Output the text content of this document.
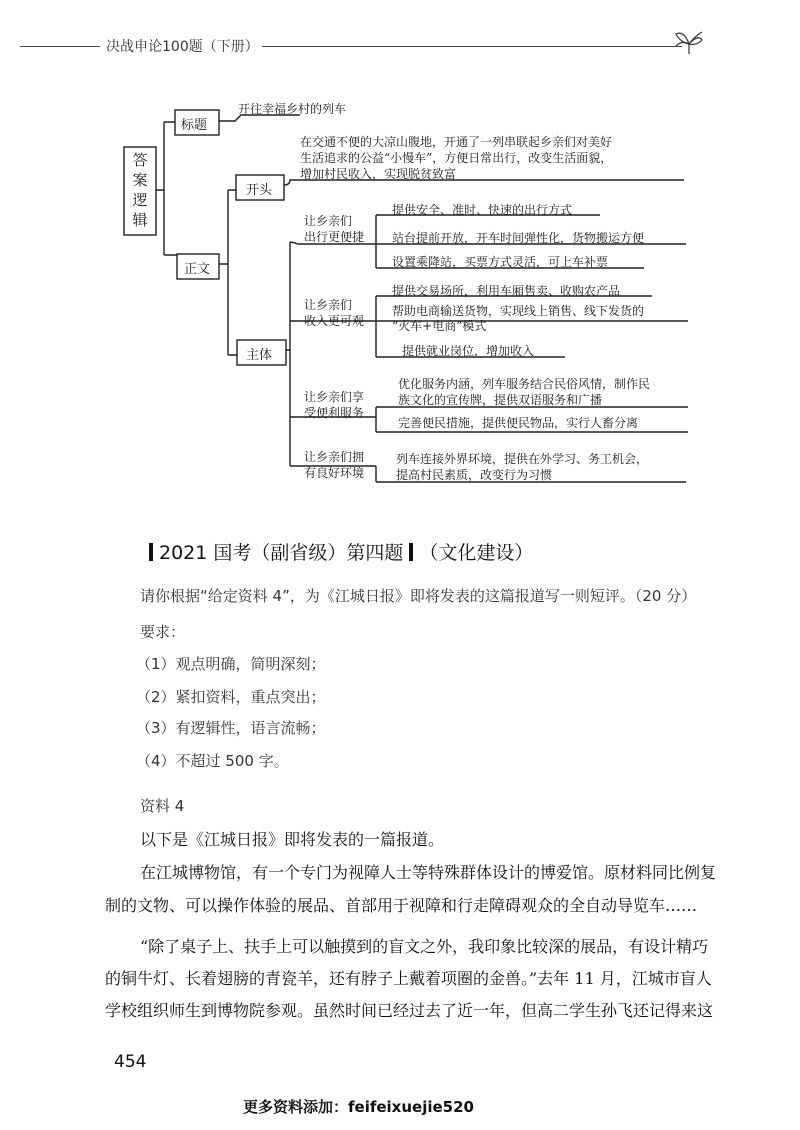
决战申论100题（下册）
答案逻辑
标题
开往幸福乡村的列车
正文
开头
在交通不便的大凉山腹地，开通了一列串联起乡亲们对美好
生活追求的公益“小慢车”，方便日常出行，改变生活面貌，
增加村民收入，实现脱贫致富
主体
让乡亲们
出行更便捷
提供安全、准时、快速的出行方式
站台提前开放，开车时间弹性化，货物搬运方便
设置乘降站，买票方式灵活，可上车补票
让乡亲们
收入更可观
提供交易场所，利用车厢售卖、收购农产品
帮助电商输送货物，实现线上销售、线下发货的
“火车+电商”模式
提供就业岗位，增加收入
让乡亲们享
受便利服务
优化服务内涵，列车服务结合民俗风情，制作民
族文化的宣传牌，提供双语服务和广播
完善便民措施，提供便民物品，实行人畜分离
让乡亲们拥
有良好环境
列车连接外界环境，提供在外学习、务工机会，
提高村民素质，改变行为习惯
2021 国考（副省级）第四题 （文化建设）
请你根据“给定资料 4”，为《江城日报》即将发表的这篇报道写一则短评。（20 分）
要求：
（1）观点明确，简明深刻；
（2）紧扣资料，重点突出；
（3）有逻辑性，语言流畅；
（4）不超过 500 字。
资料 4
以下是《江城日报》即将发表的一篇报道。
在江城博物馆，有一个专门为视障人士等特殊群体设计的博爱馆。原材料同比例复
制的文物、可以操作体验的展品、首部用于视障和行走障碍观众的全自动导览车……
“除了桌子上、扶手上可以触摸到的盲文之外，我印象比较深的展品，有设计精巧
的铜牛灯、长着翅膀的青瓷羊，还有脖子上戴着项圈的金兽。”去年 11 月，江城市盲人
学校组织师生到博物院参观。虽然时间已经过去了近一年，但高二学生孙飞还记得来这
454
更多资料添加：feifeixuejie520
